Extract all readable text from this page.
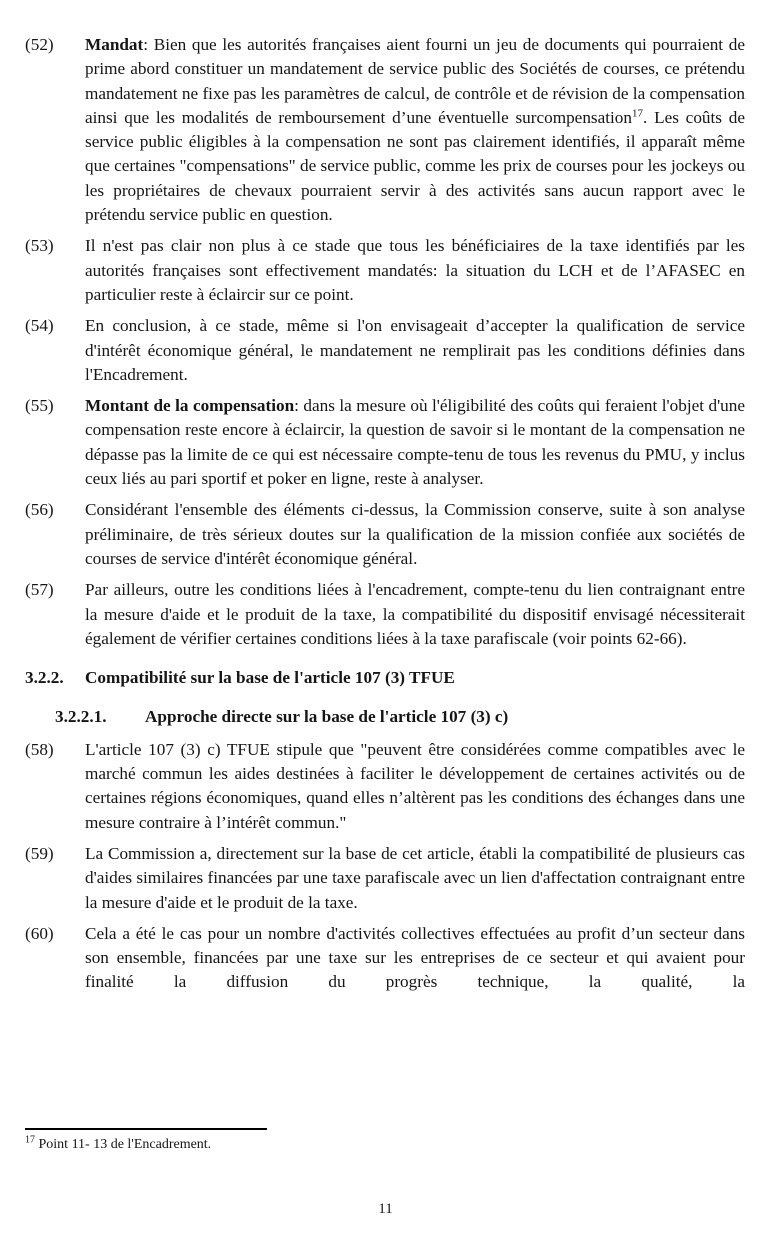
(52)	Mandat: Bien que les autorités françaises aient fourni un jeu de documents qui pourraient de prime abord constituer un mandatement de service public des Sociétés de courses, ce prétendu mandatement ne fixe pas les paramètres de calcul, de contrôle et de révision de la compensation ainsi que les modalités de remboursement d’une éventuelle surcompensation$^{17}$. Les coûts de service public éligibles à la compensation ne sont pas clairement identifiés, il apparaît même que certaines "compensations" de service public, comme les prix de courses pour les jockeys ou les propriétaires de chevaux pourraient servir à des activités sans aucun rapport avec le prétendu service public en question.
(53)	Il n'est pas clair non plus à ce stade que tous les bénéficiaires de la taxe identifiés par les autorités françaises sont effectivement mandatés: la situation du LCH et de l’AFASEC en particulier reste à éclaircir sur ce point.
(54)	En conclusion, à ce stade, même si l'on envisageait d’accepter la qualification de service d'intérêt économique général, le mandatement ne remplirait pas les conditions définies dans l'Encadrement.
(55)	Montant de la compensation: dans la mesure où l'éligibilité des coûts qui feraient l'objet d'une compensation reste encore à éclaircir, la question de savoir si le montant de la compensation ne dépasse pas la limite de ce qui est nécessaire compte-tenu de tous les revenus du PMU, y inclus ceux liés au pari sportif et poker en ligne, reste à analyser.
(56)	Considérant l'ensemble des éléments ci-dessus, la Commission conserve, suite à son analyse préliminaire, de très sérieux doutes sur la qualification de la mission confiée aux sociétés de courses de service d'intérêt économique général.
(57)	Par ailleurs, outre les conditions liées à l'encadrement, compte-tenu du lien contraignant entre la mesure d'aide et le produit de la taxe, la compatibilité du dispositif envisagé nécessiterait également de vérifier certaines conditions liées à la taxe parafiscale (voir points 62-66).
3.2.2.	Compatibilité sur la base de l'article 107 (3) TFUE
3.2.2.1.	Approche directe sur la base de l'article 107 (3) c)
(58)	L'article 107 (3) c) TFUE stipule que "peuvent être considérées comme compatibles avec le marché commun les aides destinées à faciliter le développement de certaines activités ou de certaines régions économiques, quand elles n’altèrent pas les conditions des échanges dans une mesure contraire à l’intérêt commun."
(59)	La Commission a, directement sur la base de cet article, établi la compatibilité de plusieurs cas d'aides similaires financées par une taxe parafiscale avec un lien d'affectation contraignant entre la mesure d'aide et le produit de la taxe.
(60)	Cela a été le cas pour un nombre d'activités collectives effectuées au profit d’un secteur dans son ensemble, financées par une taxe sur les entreprises de ce secteur et qui avaient pour finalité la diffusion du progrès technique, la qualité, la
$^{17}$ Point 11- 13 de l'Encadrement.
11
